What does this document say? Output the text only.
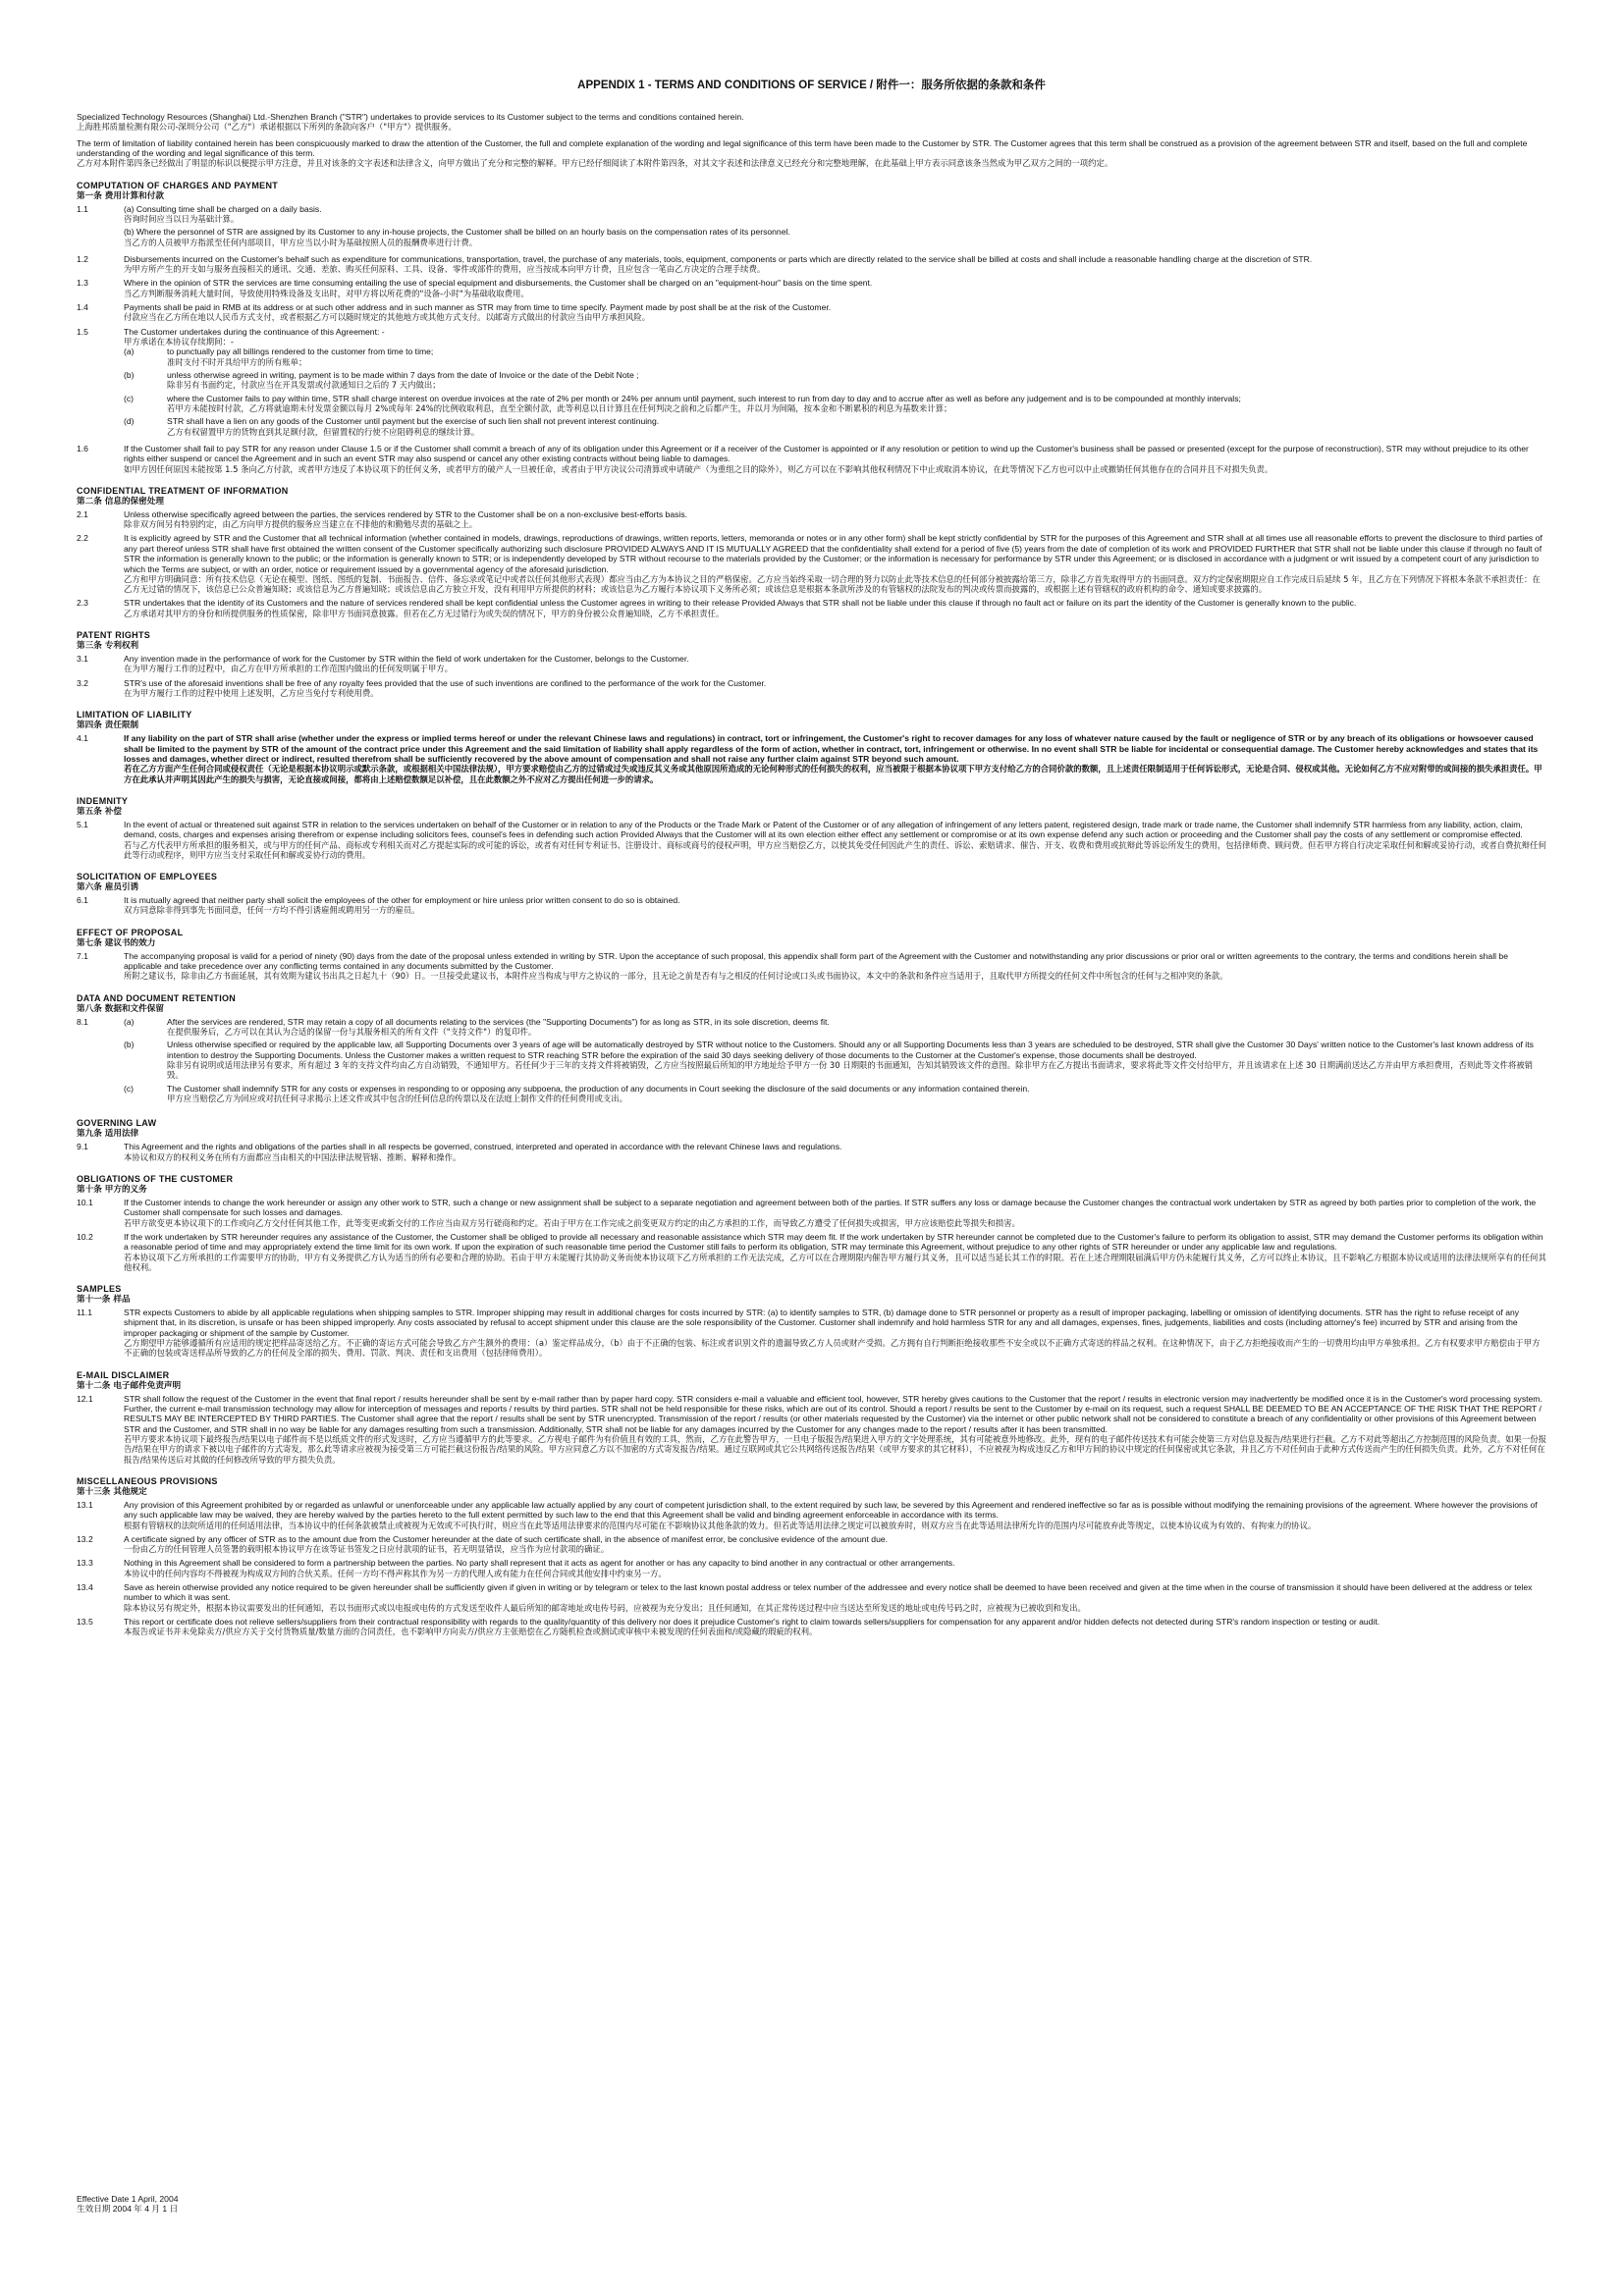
APPENDIX 1 - TERMS AND CONDITIONS OF SERVICE / 附件一：服务所依据的条款和条件
Specialized Technology Resources (Shanghai) Ltd.-Shenzhen Branch ("STR") undertakes to provide services to its Customer subject to the terms and conditions contained herein.
上海胜邦质量检测有限公司-深圳分公司（"乙方"）承诺根据以下所列的条款向客户（"甲方"）提供服务。
The term of limitation of liability contained herein has been conspicuously marked to draw the attention of the Customer, the full and complete explanation of the wording and legal significance of this term have been made to the Customer by STR. The Customer agrees that this term shall be construed as a provision of the agreement between STR and itself, based on the full and complete understanding of the wording and legal significance of this term.
乙方对本附件第四条已经做出了明显的标识以便提示甲方注意，并且对该条的文字表述和法律含义，向甲方做出了充分和完整的解释。甲方已经仔细阅读了本附件第四条，对其文字表述和法律意义已经充分和完整地理解，在此基础上甲方表示同意该条当然成为甲乙双方之间的一项约定。
COMPUTATION OF CHARGES AND PAYMENT
第一条 费用计算和付款
1.1	(a) Consulting time shall be charged on a daily basis.
咨询时间应当以日为基础计算。
(b) Where the personnel of STR are assigned by its Customer to any in-house projects, the Customer shall be billed on an hourly basis on the compensation rates of its personnel.
当乙方的人员被甲方指派至任何内部项目，甲方应当以小时为基础按照人员的报酬费率进行计费。
1.2	Disbursements incurred on the Customer's behalf such as expenditure for communications, transportation, travel, the purchase of any materials, tools, equipment, components or parts which are directly related to the service shall be billed at costs and shall include a reasonable handling charge at the discretion of STR.
为甲方所产生的开支如与服务直接相关的通讯、交通、差旅、购买任何原料、工具、设备、零件或部件的费用，应当按成本向甲方计费，且应包含一笔由乙方决定的合理手续费。
1.3	Where in the opinion of STR the services are time consuming entailing the use of special equipment and disbursements, the Customer shall be charged on an "equipment-hour" basis on the time spent.
当乙方判断服务消耗大量时间，导致使用特殊设备及支出时，对甲方将以所花费的"设备-小时"为基础收取费用。
1.4	Payments shall be paid in RMB at its address or at such other address and in such manner as STR may from time to time specify. Payment made by post shall be at the risk of the Customer.
付款应当在乙方所在地以人民币方式支付，或者根据乙方可以随时规定的其他地方或其他方式支付。以邮寄方式做出的付款应当由甲方承担风险。
1.5	The Customer undertakes during the continuance of this Agreement: -
甲方承诺在本协议存续期间：-
(a)	to punctually pay all billings rendered to the customer from time to time;
准时支付不时开具给甲方的所有账单；
(b)	unless otherwise agreed in writing, payment is to be made within 7 days from the date of Invoice or the date of the Debit Note ;
除非另有书面约定，付款应当在开具发票或付款通知日之后的 7 天内做出；
(c)	where the Customer fails to pay within time, STR shall charge interest on overdue invoices at the rate of 2% per month or 24% per annum until payment, such interest to run from day to day and to accrue after as well as before any judgement and is to be compounded at monthly intervals;
若甲方未能按时付款，乙方将就逾期未付发票金额以每月 2%或每年 24%的比例收取利息，直至全额付款，此等利息以日计算且在任何判决之前和之后都产生，并以月为间隔，按本金和不断累积的利息为基数来计算；
(d)	STR shall have a lien on any goods of the Customer until payment but the exercise of such lien shall not prevent interest continuing.
乙方有权留置甲方的货物直到其足额付款，但留置权的行使不应阻碍利息的继续计算。
1.6	If the Customer shall fail to pay STR for any reason under Clause 1.5 or if the Customer shall commit a breach of any of its obligation under this Agreement or if a receiver of the Customer is appointed or if any resolution or petition to wind up the Customer's business shall be passed or presented (except for the purpose of reconstruction), STR may without prejudice to its other rights either suspend or cancel the Agreement and in such an event STR may also suspend or cancel any other existing contracts without being liable to damages.
如甲方因任何原因未能按第 1.5 条向乙方付款，或者甲方违反了本协议项下的任何义务，或者甲方的破产人一旦被任命，或者由于甲方决议公司清算或申请破产（为重组之目的除外），则乙方可以在不影响其他权利情况下中止或取消本协议，在此等情况下乙方也可以中止或撤销任何其他存在的合同并且不对损失负责。
CONFIDENTIAL TREATMENT OF INFORMATION
第二条 信息的保密处理
2.1	Unless otherwise specifically agreed between the parties, the services rendered by STR to the Customer shall be on a non-exclusive best-efforts basis.
除非双方间另有特别约定，由乙方向甲方提供的服务应当建立在不排他的和勤勉尽责的基础之上。
2.2	It is explicitly agreed by STR and the Customer that all technical information (whether contained in models, drawings, reproductions of drawings, written reports, letters, memoranda or notes or in any other form) shall be kept strictly confidential by STR for the purposes of this Agreement and STR shall at all times use all reasonable efforts to prevent the disclosure to third parties of any part thereof unless STR shall have first obtained the written consent of the Customer specifically authorizing such disclosure PROVIDED ALWAYS AND IT IS MUTUALLY AGREED that the confidentiality shall extend for a period of five (5) years from the date of completion of its work and PROVIDED FURTHER that STR shall not be liable under this clause if through no fault of STR the information is generally known to the public; or the information is generally known to STR; or is independently developed by STR without recourse to the materials provided by the Customer; or the information is necessary for performance by STR under this Agreement; or is disclosed in accordance with a judgment or writ issued by a competent court of any jurisdiction to which the Terms are subject, or with an order, notice or requirement issued by a governmental agency of the aforesaid jurisdiction.
乙方和甲方明确同意：所有技术信息（无论在模型、图纸、图纸的复制、书面报告、信件、备忘录或笔记中或者以任何其他形式表现）都应当由乙方为本协议之目的严格保密。乙方应当始终采取一切合理的努力以防止此等技术信息的任何部分被披露给第三方，除非乙方首先取得甲方的书面同意。双方约定保密期限应自工作完成日后延续 5 年，且乙方在下列情况下将根本条款不承担责任：在乙方无过错的情况下，该信息已公众普遍知晓；或该信息为乙方普遍知晓；或该信息由乙方独立开发，没有利用甲方所提供的材料；或该信息为乙方履行本协议项下义务所必须；或该信息是根据本条款所涉及的有管辖权的法院发布的判决或传票而披露的，或根据上述有管辖权的政府机构的命令、通知或要求披露的。
2.3	STR undertakes that the identity of its Customers and the nature of services rendered shall be kept confidential unless the Customer agrees in writing to their release Provided Always that STR shall not be liable under this clause if through no fault act or failure on its part the identity of the Customer is generally known to the public.
乙方承诺对其甲方的身份和所提供服务的性质保密，除非甲方书面同意披露。但若在乙方无过错行为或失误的情况下，甲方的身份被公众普遍知晓，乙方不承担责任。
PATENT RIGHTS
第三条 专利权利
3.1	Any invention made in the performance of work for the Customer by STR within the field of work undertaken for the Customer, belongs to the Customer.
在为甲方履行工作的过程中，由乙方在甲方所承担的工作范围内做出的任何发明属于甲方。
3.2	STR's use of the aforesaid inventions shall be free of any royalty fees provided that the use of such inventions are confined to the performance of the work for the Customer.
在为甲方履行工作的过程中使用上述发明，乙方应当免付专利使用费。
LIMITATION OF LIABILITY
第四条 责任限制
4.1	If any liability on the part of STR shall arise (whether under the express or implied terms hereof or under the relevant Chinese laws and regulations) in contract, tort or infringement, the Customer's right to recover damages for any loss of whatever nature caused by the fault or negligence of STR or by any breach of its obligations or howsoever caused shall be limited to the payment by STR of the amount of the contract price under this Agreement and the said limitation of liability shall apply regardless of the form of action, whether in contract, tort, infringement or otherwise. In no event shall STR be liable for incidental or consequential damage. The Customer hereby acknowledges and states that its losses and damages, whether direct or indirect, resulted therefrom shall be sufficiently recovered by the above amount of compensation and shall not raise any further claim against STR beyond such amount.
若在乙方方面产生任何合同或侵权责任（无论是根据本协议明示或默示条款，或根据相关中国法律法规），甲方要求赔偿由乙方的过错或过失或违反其义务或其他原因所造成的无论何种形式的任何损失的权利，应当被限于根据本协议项下甲方支付给乙方的合同价款的数额，且上述责任限制适用于任何诉讼形式，无论是合同、侵权或其他。无论如何乙方不应对附带的或间接的损失承担责任。甲方在此承认并声明其因此产生的损失与损害，无论直接或间接，都将由上述赔偿数额足以补偿，且在此数额之外不应对乙方提出任何进一步的请求。
INDEMNITY
第五条 补偿
5.1	In the event of actual or threatened suit against STR in relation to the services undertaken on behalf of the Customer or in relation to any of the Products or the Trade Mark or Patent of the Customer or of any allegation of infringement of any letters patent, registered design, trade mark or trade name, the Customer shall indemnify STR harmless from any liability, action, claim, demand, costs, charges and expenses arising therefrom or expense including solicitors fees, counsel's fees in defending such action Provided Always that the Customer will at its own election either effect any settlement or compromise or at its own expense defend any such action or proceeding and the Customer shall pay the costs of any settlement or compromise effected.
若与乙方代表甲方所承担的服务相关，或与甲方的任何产品、商标或专利相关而对乙方提起实际的或可能的诉讼，或者有对任何专利证书、注册设计、商标或商号的侵权声明，甲方应当赔偿乙方，以使其免受任何因此产生的责任、诉讼、索赔请求、催告、开支、收费和费用或抗辩此等诉讼所发生的费用，包括律师费、顾问费。但若甲方将自行决定采取任何和解或妥协行动，或者自费抗辩任何此等行动或程序，则甲方应当支付采取任何和解或妥协行动的费用。
SOLICITATION OF EMPLOYEES
第六条 雇员引诱
6.1	It is mutually agreed that neither party shall solicit the employees of the other for employment or hire unless prior written consent to do so is obtained.
双方同意除非得到事先书面同意，任何一方均不得引诱雇佣或聘用另一方的雇员。
EFFECT OF PROPOSAL
第七条 建议书的效力
7.1	The accompanying proposal is valid for a period of ninety (90) days from the date of the proposal unless extended in writing by STR. Upon the acceptance of such proposal, this appendix shall form part of the Agreement with the Customer and notwithstanding any prior discussions or prior oral or written agreements to the contrary, the terms and conditions herein shall be applicable and take precedence over any conflicting terms contained in any documents submitted by the Customer.
所附之建议书，除非由乙方书面延展，其有效期为建议书出具之日起九十（90）日。一旦接受此建议书，本附件应当构成与甲方之协议的一部分，且无论之前是否有与之相反的任何讨论或口头或书面协议，本文中的条款和条件应当适用于，且取代甲方所提交的任何文件中所包含的任何与之相冲突的条款。
DATA AND DOCUMENT RETENTION
第八条 数据和文件保留
8.1	(a)	After the services are rendered, STR may retain a copy of all documents relating to the services (the "Supporting Documents") for as long as STR, in its sole discretion, deems fit.
在提供服务后，乙方可以在其认为合适的保留一份与其服务相关的所有文件（"支持文件"）的复印件。
(b)	Unless otherwise specified or required by the applicable law, all Supporting Documents over 3 years of age will be automatically destroyed by STR without notice to the Customers. Should any or all Supporting Documents less than 3 years are scheduled to be destroyed, STR shall give the Customer 30 Days' written notice to the Customer's last known address of its intention to destroy the Supporting Documents. Unless the Customer makes a written request to STR reaching STR before the expiration of the said 30 days seeking delivery of those documents to the Customer at the Customer's expense, those documents shall be destroyed.
除非另有说明或适用法律另有要求，所有超过 3 年的支持文件均由乙方自动销毁，不通知甲方。若任何少于三年的支持文件将被销毁，乙方应当按照最后所知的甲方地址给予甲方一份 30 日期限的书面通知，告知其销毁该文件的意图。除非甲方在乙方提出书面请求，要求将此等文件交付给甲方，并且该请求在上述 30 日期满前送达乙方并由甲方承担费用，否则此等文件将被销毁。
(c)	The Customer shall indemnify STR for any costs or expenses in responding to or opposing any subpoena, the production of any documents in Court seeking the disclosure of the said documents or any information contained therein.
甲方应当赔偿乙方为回应或对抗任何寻求揭示上述文件或其中包含的任何信息的传票以及在法庭上制作文件的任何费用或支出。
GOVERNING LAW
第九条 适用法律
9.1	This Agreement and the rights and obligations of the parties shall in all respects be governed, construed, interpreted and operated in accordance with the relevant Chinese laws and regulations.
本协议和双方的权利义务在所有方面都应当由相关的中国法律法规管辖、推断、解释和操作。
OBLIGATIONS OF THE CUSTOMER
第十条 甲方的义务
10.1	If the Customer intends to change the work hereunder or assign any other work to STR, such a change or new assignment shall be subject to a separate negotiation and agreement between both of the parties. If STR suffers any loss or damage because the Customer changes the contractual work undertaken by STR as agreed by both parties prior to completion of the work, the Customer shall compensate for such losses and damages.
若甲方欲变更本协议项下的工作或向乙方交付任何其他工作，此等变更或新交付的工作应当由双方另行磋商和约定。若由于甲方在工作完成之前变更双方约定的由乙方承担的工作，而导致乙方遭受了任何损失或损害，甲方应该赔偿此等损失和损害。
10.2	If the work undertaken by STR hereunder requires any assistance of the Customer, the Customer shall be obliged to provide all necessary and reasonable assistance which STR may deem fit. If the work undertaken by STR hereunder cannot be completed due to the Customer's failure to perform its obligation to assist, STR may demand the Customer performs its obligation within a reasonable period of time and may appropriately extend the time limit for its own work. If upon the expiration of such reasonable time period the Customer still fails to perform its obligation, STR may terminate this Agreement, without prejudice to any other rights of STR hereunder or under any applicable law and regulations.
若本协议项下乙方所承担的工作需要甲方的协助，甲方有义务提供乙方认为适当的所有必要和合理的协助。若由于甲方未能履行其协助义务而使本协议项下乙方所承担的工作无法完成，乙方可以在合理期限内催告甲方履行其义务，且可以适当延长其工作的时限。若在上述合理期限届满后甲方仍未能履行其义务，乙方可以终止本协议，且不影响乙方根据本协议或适用的法律法规所享有的任何其他权利。
SAMPLES
第十一条 样品
11.1	STR expects Customers to abide by all applicable regulations when shipping samples to STR. Improper shipping may result in additional charges for costs incurred by STR: (a) to identify samples to STR, (b) damage done to STR personnel or property as a result of improper packaging, labelling or omission of identifying documents. STR has the right to refuse receipt of any shipment that, in its discretion, is unsafe or has been shipped improperly. Any costs associated by refusal to accept shipment under this clause are the sole responsibility of the Customer. Customer shall indemnify and hold harmless STR for any and all damages, expenses, fines, judgements, liabilities and costs (including attorney's fee) incurred by STR and arising from the improper packaging or shipment of the sample by Customer.
乙方期望甲方能够遵循所有应适用的规定把样品寄送给乙方。不正确的寄运方式可能会导致乙方产生额外的费用：（a）鉴定样品成分，（b）由于不正确的包装、标注或者识别文件的遗漏导致乙方人员或财产受损。乙方拥有自行判断拒绝接收那些不安全或以不正确方式寄送的样品之权利。在这种情况下，由于乙方拒绝接收而产生的一切费用均由甲方单独承担。乙方有权要求甲方赔偿由于甲方不正确的包装或寄送样品所导致的乙方的任何及全部的损失、费用、罚款、判决、责任和支出费用（包括律师费用）。
E-MAIL DISCLAIMER
第十二条 电子邮件免责声明
12.1	STR shall follow the request of the Customer in the event that final report / results hereunder shall be sent by e-mail rather than by paper hard copy. STR considers e-mail a valuable and efficient tool, however, STR hereby gives cautions to the Customer that the report / results in electronic version may inadvertently be modified once it is in the Customer's word processing system. Further, the current e-mail transmission technology may allow for interception of messages and reports / results by third parties. STR shall not be held responsible for these risks, which are out of its control. Should a report / results be sent to the Customer by e-mail on its request, such a request SHALL BE DEEMED TO BE AN ACCEPTANCE OF THE RISK THAT THE REPORT / RESULTS MAY BE INTERCEPTED BY THIRD PARTIES. The Customer shall agree that the report / results shall be sent by STR unencrypted. Transmission of the report / results (or other materials requested by the Customer) via the internet or other public network shall not be considered to constitute a breach of any confidentiality or other provisions of this Agreement between STR and the Customer, and STR shall in no way be liable for any damages resulting from such a transmission. Additionally, STR shall not be liable for any damages incurred by the Customer for any changes made to the report / results after it has been transmitted.
若甲方要求本协议项下最终报告/结果以电子邮件而不是以纸质文件的形式发送时，乙方应当遵循甲方的此等要求。乙方视电子邮件为有价值且有效的工具，然而，乙方在此警告甲方，一旦电子版报告/结果进入甲方的文字处理系统，其有可能被意外地修改。此外，现有的电子邮件传送技术有可能会使第三方对信息及报告/结果进行拦截。乙方不对此等超出乙方控制范围的风险负责。如果一份报告/结果在甲方的请求下被以电子邮件的方式寄发，那么此等请求应被视为接受第三方可能拦截这份报告/结果的风险。甲方应同意乙方以不加密的方式寄发报告/结果。通过互联网或其它公共网络传送报告/结果（或甲方要求的其它材料），不应被视为构成违反乙方和甲方间的协议中规定的任何保密或其它条款，并且乙方不对任何由于此种方式传送而产生的任何损失负责。此外，乙方不对任何在报告/结果传送后对其做的任何修改所导致的甲方损失负责。
MISCELLANEOUS PROVISIONS
第十三条 其他规定
13.1	Any provision of this Agreement prohibited by or regarded as unlawful or unenforceable under any applicable law actually applied by any court of competent jurisdiction shall, to the extent required by such law, be severed by this Agreement and rendered ineffective so far as is possible without modifying the remaining provisions of the agreement. Where however the provisions of any such applicable law may be waived, they are hereby waived by the parties hereto to the full extent permitted by such law to the end that this Agreement shall be valid and binding agreement enforceable in accordance with its terms.
根据有管辖权的法院所适用的任何适用法律，当本协议中的任何条款被禁止或被视为无效或不可执行时，则应当在此等适用法律要求的范围内尽可能在不影响协议其他条款的效力。但若此等适用法律之规定可以被放弃时，则双方应当在此等适用法律所允许的范围内尽可能放弃此等规定，以使本协议成为有效的、有拘束力的协议。
13.2	A certificate signed by any officer of STR as to the amount due from the Customer hereunder at the date of such certificate shall, in the absence of manifest error, be conclusive evidence of the amount due.
一份由乙方的任何管理人员签署的载明根本协议甲方在该等证书签发之日应付款项的证书，若无明显错误，应当作为应付款项的确证。
13.3	Nothing in this Agreement shall be considered to form a partnership between the parties. No party shall represent that it acts as agent for another or has any capacity to bind another in any contractual or other arrangements.
本协议中的任何内容均不得被视为构成双方间的合伙关系。任何一方均不得声称其作为另一方的代理人或有能力在任何合同或其他安排中约束另一方。
13.4	Save as herein otherwise provided any notice required to be given hereunder shall be sufficiently given if given in writing or by telegram or telex to the last known postal address or telex number of the addressee and every notice shall be deemed to have been received and given at the time when in the course of transmission it should have been delivered at the address or telex number to which it was sent.
除本协议另有规定外，根据本协议需要发出的任何通知，若以书面形式或以电报或电传的方式发送至收件人最后所知的邮寄地址或电传号码，应被视为充分发出；且任何通知，在其正常传送过程中应当送达至所发送的地址或电传号码之时，应被视为已被收到和发出。
13.5	This report or certificate does not relieve sellers/suppliers from their contractual responsibility with regards to the quality/quantity of this delivery nor does it prejudice Customer's right to claim towards sellers/suppliers for compensation for any apparent and/or hidden defects not detected during STR's random inspection or testing or audit.
本报告或证书并未免除卖方/供应方关于交付货物质量/数量方面的合同责任，也不影响甲方向卖方/供应方主张赔偿在乙方随机检查或测试或审核中未被发现的任何表面和/或隐藏的瑕疵的权利。
Effective Date 1 April, 2004
生效日期 2004 年 4 月 1 日
